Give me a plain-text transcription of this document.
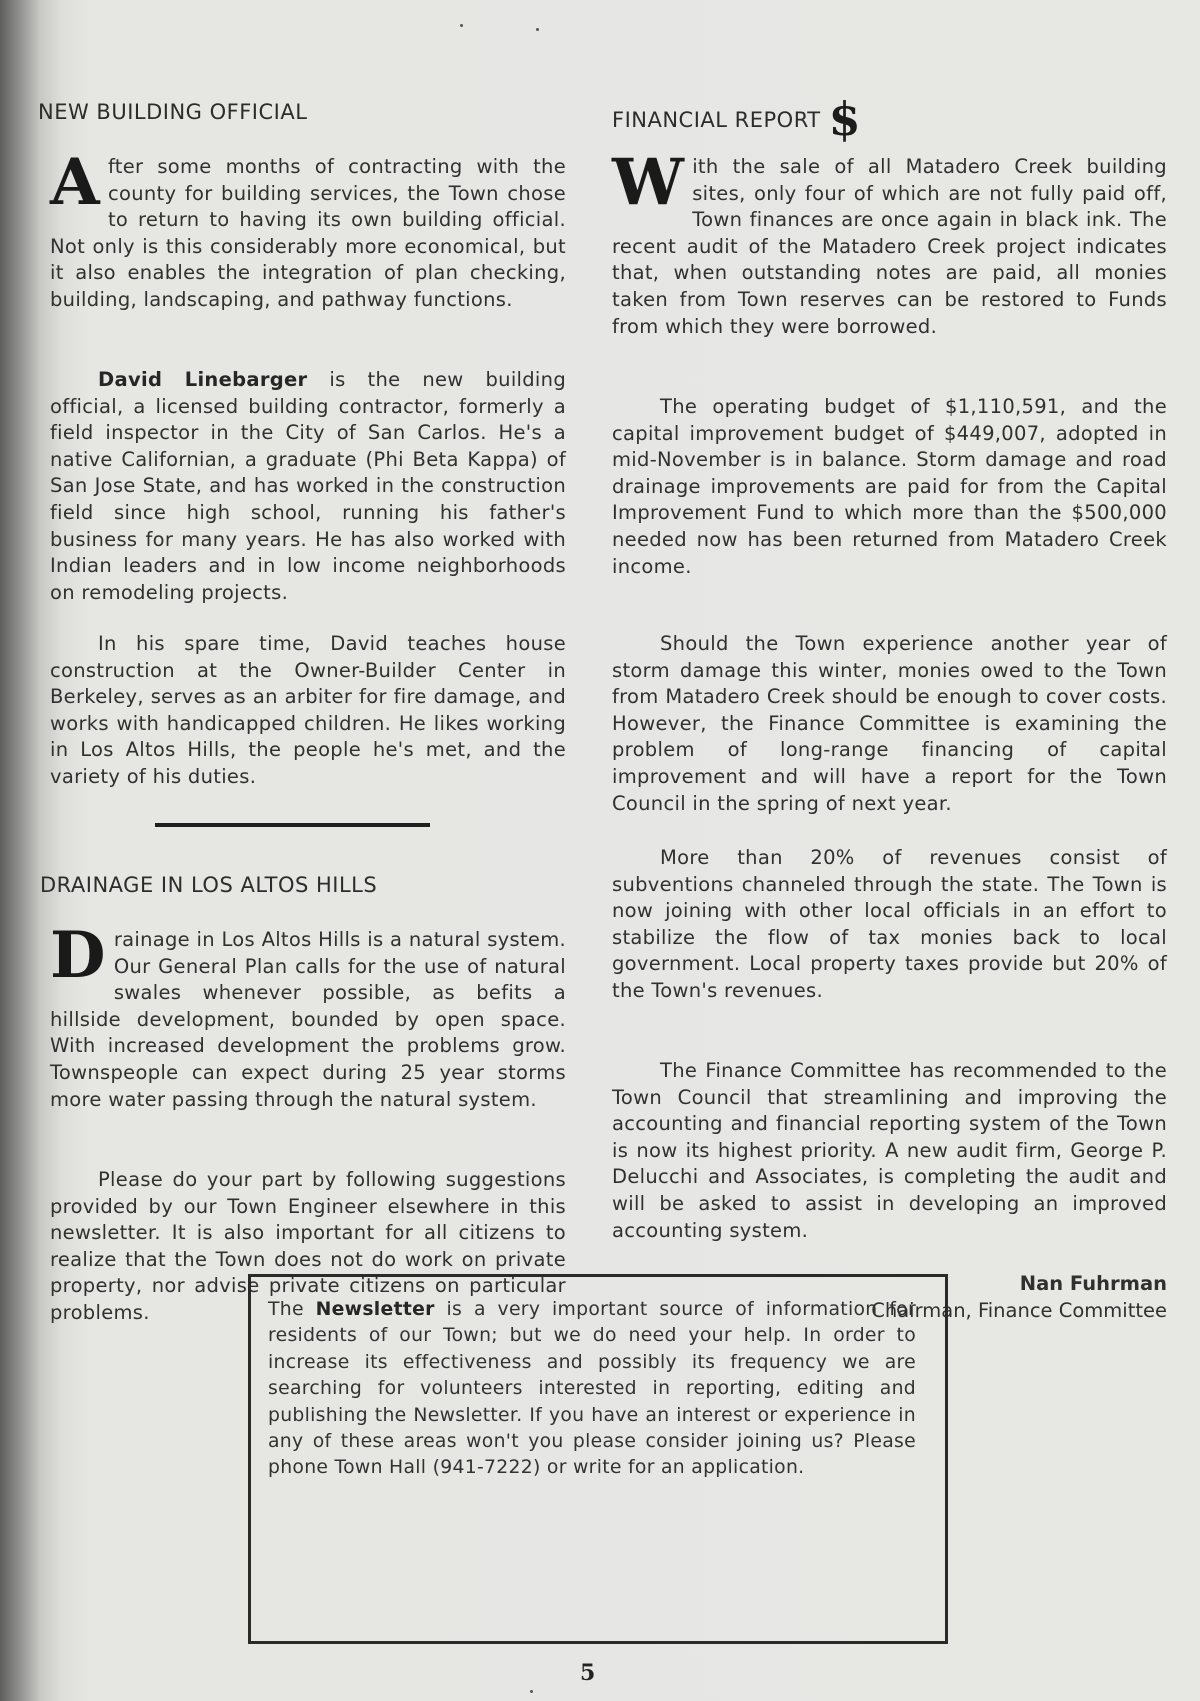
NEW BUILDING OFFICIAL

After some months of contracting with the county for building services, the Town chose to return to having its own building official. Not only is this considerably more economical, but it also enables the integration of plan checking, building, landscaping, and pathway functions.

David Linebarger is the new building official, a licensed building contractor, formerly a field inspector in the City of San Carlos. He's a native Californian, a graduate (Phi Beta Kappa) of San Jose State, and has worked in the construction field since high school, running his father's business for many years. He has also worked with Indian leaders and in low income neighborhoods on remodeling projects.

In his spare time, David teaches house construction at the Owner-Builder Center in Berkeley, serves as an arbiter for fire damage, and works with handicapped children. He likes working in Los Altos Hills, the people he's met, and the variety of his duties.

DRAINAGE IN LOS ALTOS HILLS

Drainage in Los Altos Hills is a natural system. Our General Plan calls for the use of natural swales whenever possible, as befits a hillside development, bounded by open space. With increased development the problems grow. Townspeople can expect during 25 year storms more water passing through the natural system.

Please do your part by following suggestions provided by our Town Engineer elsewhere in this newsletter. It is also important for all citizens to realize that the Town does not do work on private property, nor advise private citizens on particular problems.

FINANCIAL REPORT $

With the sale of all Matadero Creek building sites, only four of which are not fully paid off, Town finances are once again in black ink. The recent audit of the Matadero Creek project indicates that, when outstanding notes are paid, all monies taken from Town reserves can be restored to Funds from which they were borrowed.

The operating budget of $1,110,591, and the capital improvement budget of $449,007, adopted in mid-November is in balance. Storm damage and road drainage improvements are paid for from the Capital Improvement Fund to which more than the $500,000 needed now has been returned from Matadero Creek income.

Should the Town experience another year of storm damage this winter, monies owed to the Town from Matadero Creek should be enough to cover costs. However, the Finance Committee is examining the problem of long-range financing of capital improvement and will have a report for the Town Council in the spring of next year.

More than 20% of revenues consist of subventions channeled through the state. The Town is now joining with other local officials in an effort to stabilize the flow of tax monies back to local government. Local property taxes provide but 20% of the Town's revenues.

The Finance Committee has recommended to the Town Council that streamlining and improving the accounting and financial reporting system of the Town is now its highest priority. A new audit firm, George P. Delucchi and Associates, is completing the audit and will be asked to assist in developing an improved accounting system.

Nan Fuhrman
Chairman, Finance Committee

The Newsletter is a very important source of information for residents of our Town; but we do need your help. In order to increase its effectiveness and possibly its frequency we are searching for volunteers interested in reporting, editing and publishing the Newsletter. If you have an interest or experience in any of these areas won't you please consider joining us? Please phone Town Hall (941-7222) or write for an application.

5
